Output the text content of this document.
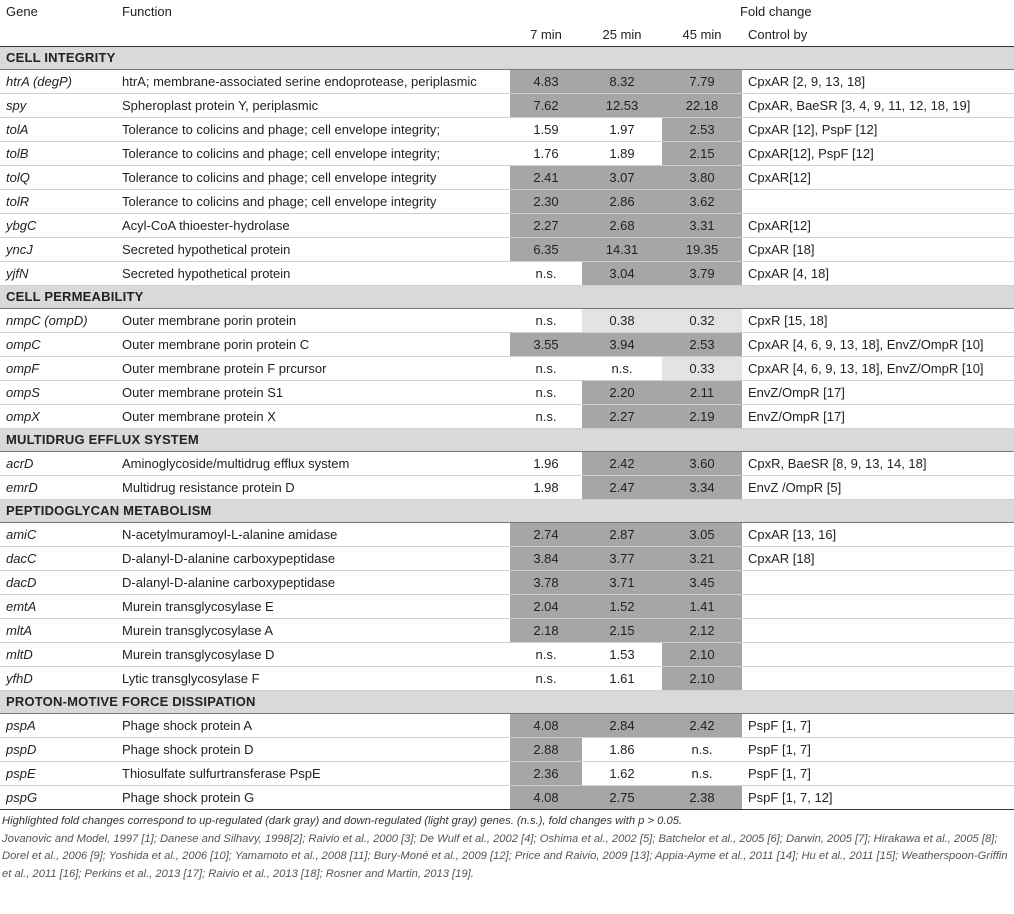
Gene	Function		Fold change		
		7 min	25 min	45 min	Control by
CELL INTEGRITY					
htrA (degP)	htrA; membrane-associated serine endoprotease, periplasmic	4.83	8.32	7.79	CpxAR [2, 9, 13, 18]
spy	Spheroplast protein Y, periplasmic	7.62	12.53	22.18	CpxAR, BaeSR [3, 4, 9, 11, 12, 18, 19]
tolA	Tolerance to colicins and phage; cell envelope integrity;	1.59	1.97	2.53	CpxAR [12], PspF [12]
tolB	Tolerance to colicins and phage; cell envelope integrity;	1.76	1.89	2.15	CpxAR[12], PspF [12]
tolQ	Tolerance to colicins and phage; cell envelope integrity	2.41	3.07	3.80	CpxAR[12]
tolR	Tolerance to colicins and phage; cell envelope integrity	2.30	2.86	3.62	
ybgC	Acyl-CoA thioester-hydrolase	2.27	2.68	3.31	CpxAR[12]
yncJ	Secreted hypothetical protein	6.35	14.31	19.35	CpxAR [18]
yjfN	Secreted hypothetical protein	n.s.	3.04	3.79	CpxAR [4, 18]
CELL PERMEABILITY					
nmpC (ompD)	Outer membrane porin protein	n.s.	0.38	0.32	CpxR [15, 18]
ompC	Outer membrane porin protein C	3.55	3.94	2.53	CpxAR [4, 6, 9, 13, 18], EnvZ/OmpR [10]
ompF	Outer membrane protein F prcursor	n.s.	n.s.	0.33	CpxAR [4, 6, 9, 13, 18], EnvZ/OmpR [10]
ompS	Outer membrane protein S1	n.s.	2.20	2.11	EnvZ/OmpR [17]
ompX	Outer membrane protein X	n.s.	2.27	2.19	EnvZ/OmpR [17]
MULTIDRUG EFFLUX SYSTEM					
acrD	Aminoglycoside/multidrug efflux system	1.96	2.42	3.60	CpxR, BaeSR [8, 9, 13, 14, 18]
emrD	Multidrug resistance protein D	1.98	2.47	3.34	EnvZ /OmpR [5]
PEPTIDOGLYCAN METABOLISM					
amiC	N-acetylmuramoyl-L-alanine amidase	2.74	2.87	3.05	CpxAR [13, 16]
dacC	D-alanyl-D-alanine carboxypeptidase	3.84	3.77	3.21	CpxAR [18]
dacD	D-alanyl-D-alanine carboxypeptidase	3.78	3.71	3.45	
emtA	Murein transglycosylase E	2.04	1.52	1.41	
mltA	Murein transglycosylase A	2.18	2.15	2.12	
mltD	Murein transglycosylase D	n.s.	1.53	2.10	
yfhD	Lytic transglycosylase F	n.s.	1.61	2.10	
PROTON-MOTIVE FORCE DISSIPATION					
pspA	Phage shock protein A	4.08	2.84	2.42	PspF [1, 7]
pspD	Phage shock protein D	2.88	1.86	n.s.	PspF [1, 7]
pspE	Thiosulfate sulfurtransferase PspE	2.36	1.62	n.s.	PspF [1, 7]
pspG	Phage shock protein G	4.08	2.75	2.38	PspF [1, 7, 12]
Highlighted fold changes correspond to up-regulated (dark gray) and down-regulated (light gray) genes. (n.s.), fold changes with p > 0.05.
Jovanovic and Model, 1997 [1]; Danese and Silhavy, 1998[2]; Raivio et al., 2000 [3]; De Wulf et al., 2002 [4]; Oshima et al., 2002 [5]; Batchelor et al., 2005 [6]; Darwin, 2005 [7]; Hirakawa et al., 2005 [8]; Dorel et al., 2006 [9]; Yoshida et al., 2006 [10]; Yamamoto et al., 2008 [11]; Bury-Moné et al., 2009 [12]; Price and Raivio, 2009 [13]; Appia-Ayme et al., 2011 [14]; Hu et al., 2011 [15]; Weatherspoon-Griffin et al., 2011 [16]; Perkins et al., 2013 [17]; Raivio et al., 2013 [18]; Rosner and Martin, 2013 [19].
